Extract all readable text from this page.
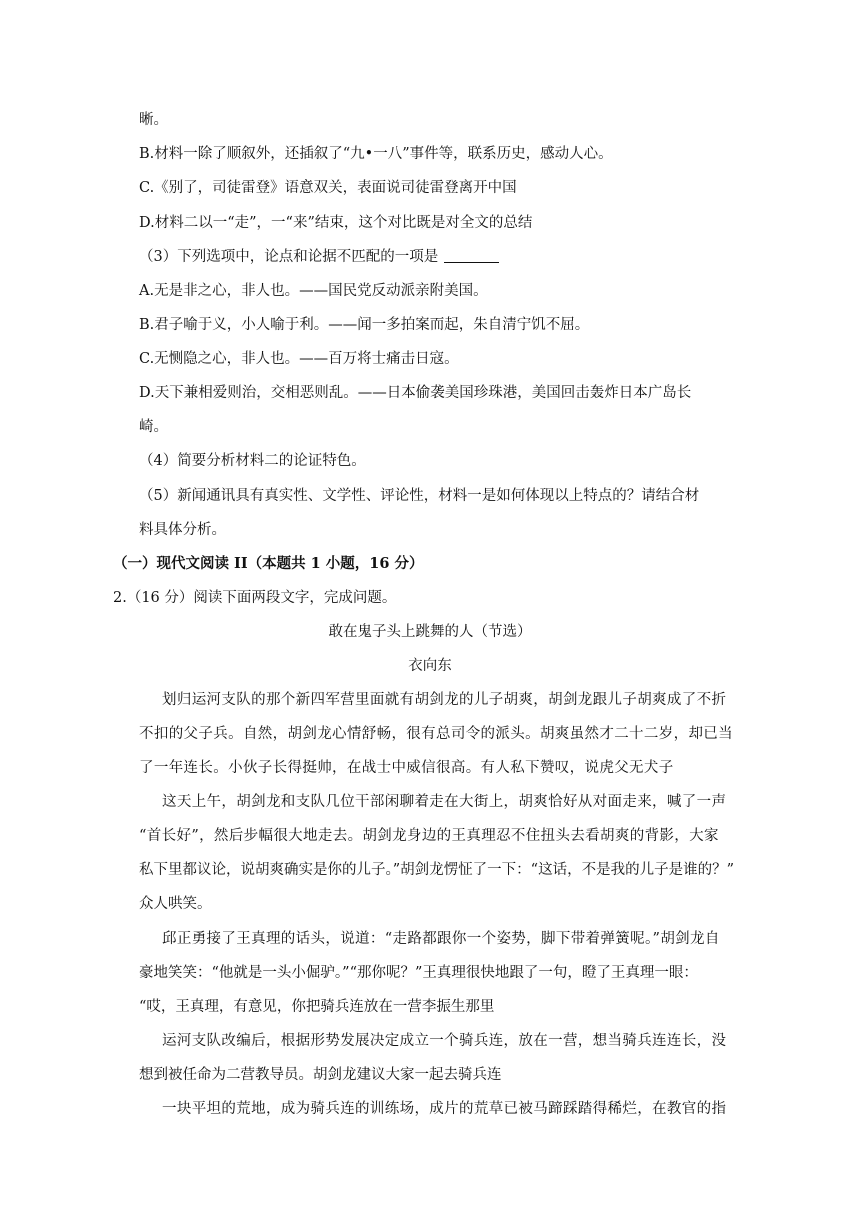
晰。
B.材料一除了顺叙外，还插叙了“九•一八”事件等，联系历史，感动人心。
C.《别了，司徒雷登》语意双关，表面说司徒雷登离开中国
D.材料二以一“走”，一“来”结束，这个对比既是对全文的总结
（3）下列选项中，论点和论据不匹配的一项是
A.无是非之心，非人也。——国民党反动派亲附美国。
B.君子喻于义，小人喻于利。——闻一多拍案而起，朱自清宁饥不屈。
C.无恻隐之心，非人也。——百万将士痛击日寇。
D.天下兼相爱则治，交相恶则乱。——日本偷袭美国珍珠港，美国回击轰炸日本广岛长
崎。
（4）简要分析材料二的论证特色。
（5）新闻通讯具有真实性、文学性、评论性，材料一是如何体现以上特点的？请结合材
料具体分析。
（一）现代文阅读 II（本题共 1 小题，16 分）
2.（16 分）阅读下面两段文字，完成问题。
敢在鬼子头上跳舞的人（节选）
衣向东
划归运河支队的那个新四军营里面就有胡剑龙的儿子胡爽，胡剑龙跟儿子胡爽成了不折
不扣的父子兵。自然，胡剑龙心情舒畅，很有总司令的派头。胡爽虽然才二十二岁，却已当
了一年连长。小伙子长得挺帅，在战士中威信很高。有人私下赞叹，说虎父无犬子
这天上午，胡剑龙和支队几位干部闲聊着走在大街上，胡爽恰好从对面走来，喊了一声
“首长好”，然后步幅很大地走去。胡剑龙身边的王真理忍不住扭头去看胡爽的背影，大家
私下里都议论，说胡爽确实是你的儿子。”胡剑龙愣怔了一下：“这话，不是我的儿子是谁的？”
众人哄笑。
邱正勇接了王真理的话头，说道：“走路都跟你一个姿势，脚下带着弹簧呢。”胡剑龙自
豪地笑笑：“他就是一头小倔驴。”“那你呢？”王真理很快地跟了一句，瞪了王真理一眼：
“哎，王真理，有意见，你把骑兵连放在一营李振生那里
运河支队改编后，根据形势发展决定成立一个骑兵连，放在一营，想当骑兵连连长，没
想到被任命为二营教导员。胡剑龙建议大家一起去骑兵连
一块平坦的荒地，成为骑兵连的训练场，成片的荒草已被马蹄踩踏得稀烂，在教官的指
